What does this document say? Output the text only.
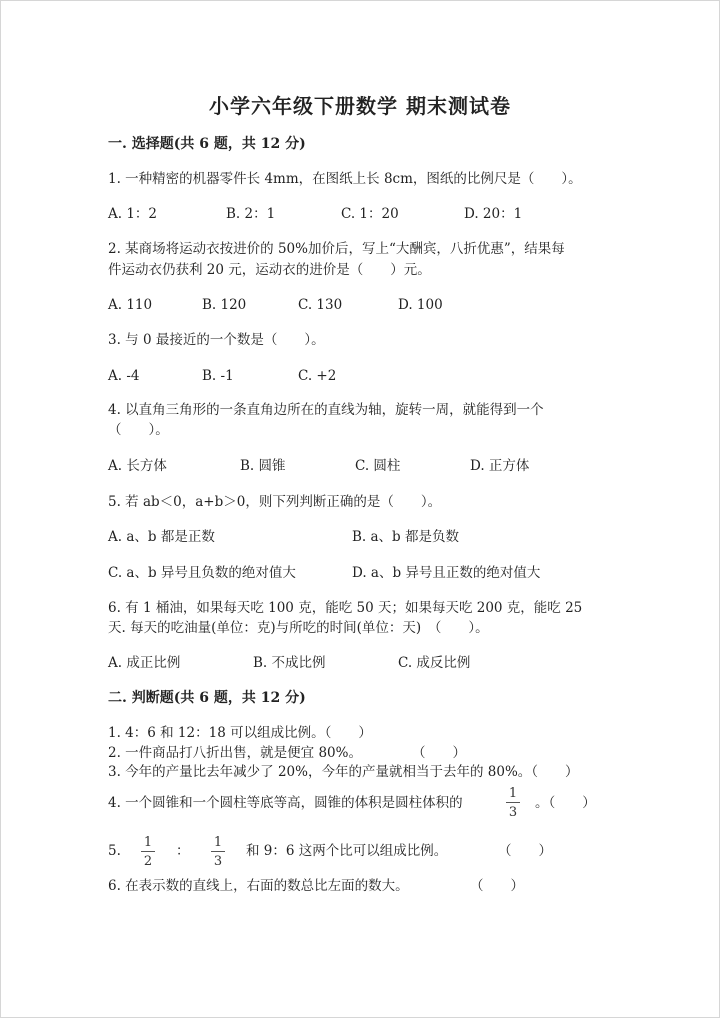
小学六年级下册数学 期末测试卷
一. 选择题(共 6 题，共 12 分)
1. 一种精密的机器零件长 4mm，在图纸上长 8cm，图纸的比例尺是（　　）。
A. 1：2	B. 2：1	C. 1：20	D. 20：1
2. 某商场将运动衣按进价的 50%加价后，写上“大酬宾，八折优惠”，结果每
件运动衣仍获利 20 元，运动衣的进价是（　　）元。
A. 110	B. 120	C. 130	D. 100
3. 与 0 最接近的一个数是（　　）。
A. -4	B. -1	C. +2
4. 以直角三角形的一条直角边所在的直线为轴，旋转一周，就能得到一个
（　　）。
A. 长方体	B. 圆锥	C. 圆柱	D. 正方体
5. 若 ab＜0，a+b＞0，则下列判断正确的是（　　）。
A. a、b 都是正数	B. a、b 都是负数
C. a、b 异号且负数的绝对值大	D. a、b 异号且正数的绝对值大
6. 有 1 桶油，如果每天吃 100 克，能吃 50 天；如果每天吃 200 克，能吃 25
天. 每天的吃油量(单位：克)与所吃的时间(单位：天)　（　　）。
A. 成正比例	B. 不成比例	C. 成反比例
二. 判断题(共 6 题，共 12 分)
1. 4：6 和 12：18 可以组成比例。（　　）
2. 一件商品打八折出售，就是便宜 80%。	（　　）
3. 今年的产量比去年减少了 20%，今年的产量就相当于去年的 80%。（　　）
4. 一个圆锥和一个圆柱等底等高，圆锥的体积是圆柱体积的
1
3
。（　　）
5.
1
2
：
1
3
和 9：6 这两个比可以组成比例。	（　　）
6. 在表示数的直线上，右面的数总比左面的数大。	（　　）
